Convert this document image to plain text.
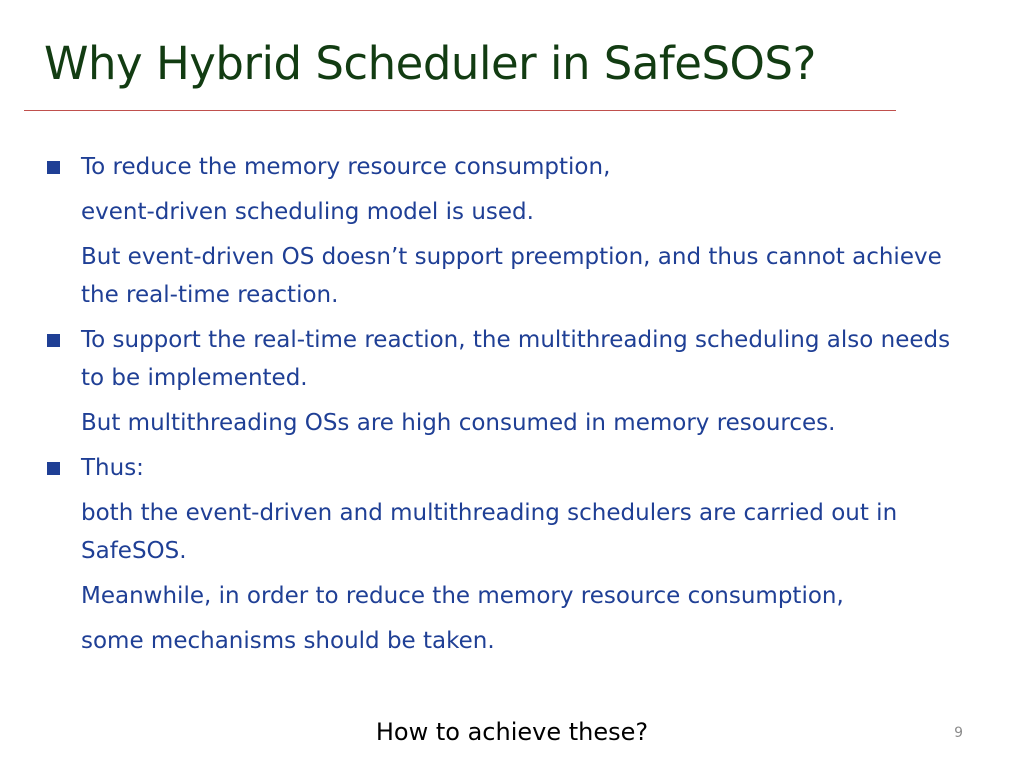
Why Hybrid Scheduler in SafeSOS?
To reduce the memory resource consumption,
event-driven scheduling model is used.
But event-driven OS doesn’t support preemption, and thus cannot achieve the real-time reaction.
To support the real-time reaction, the multithreading scheduling also needs to be implemented.
But multithreading OSs are high consumed in memory resources.
Thus:
both the event-driven and multithreading schedulers are carried out in SafeSOS.
Meanwhile, in order to reduce the memory resource consumption,
some mechanisms should be taken.
How to achieve these?	9
